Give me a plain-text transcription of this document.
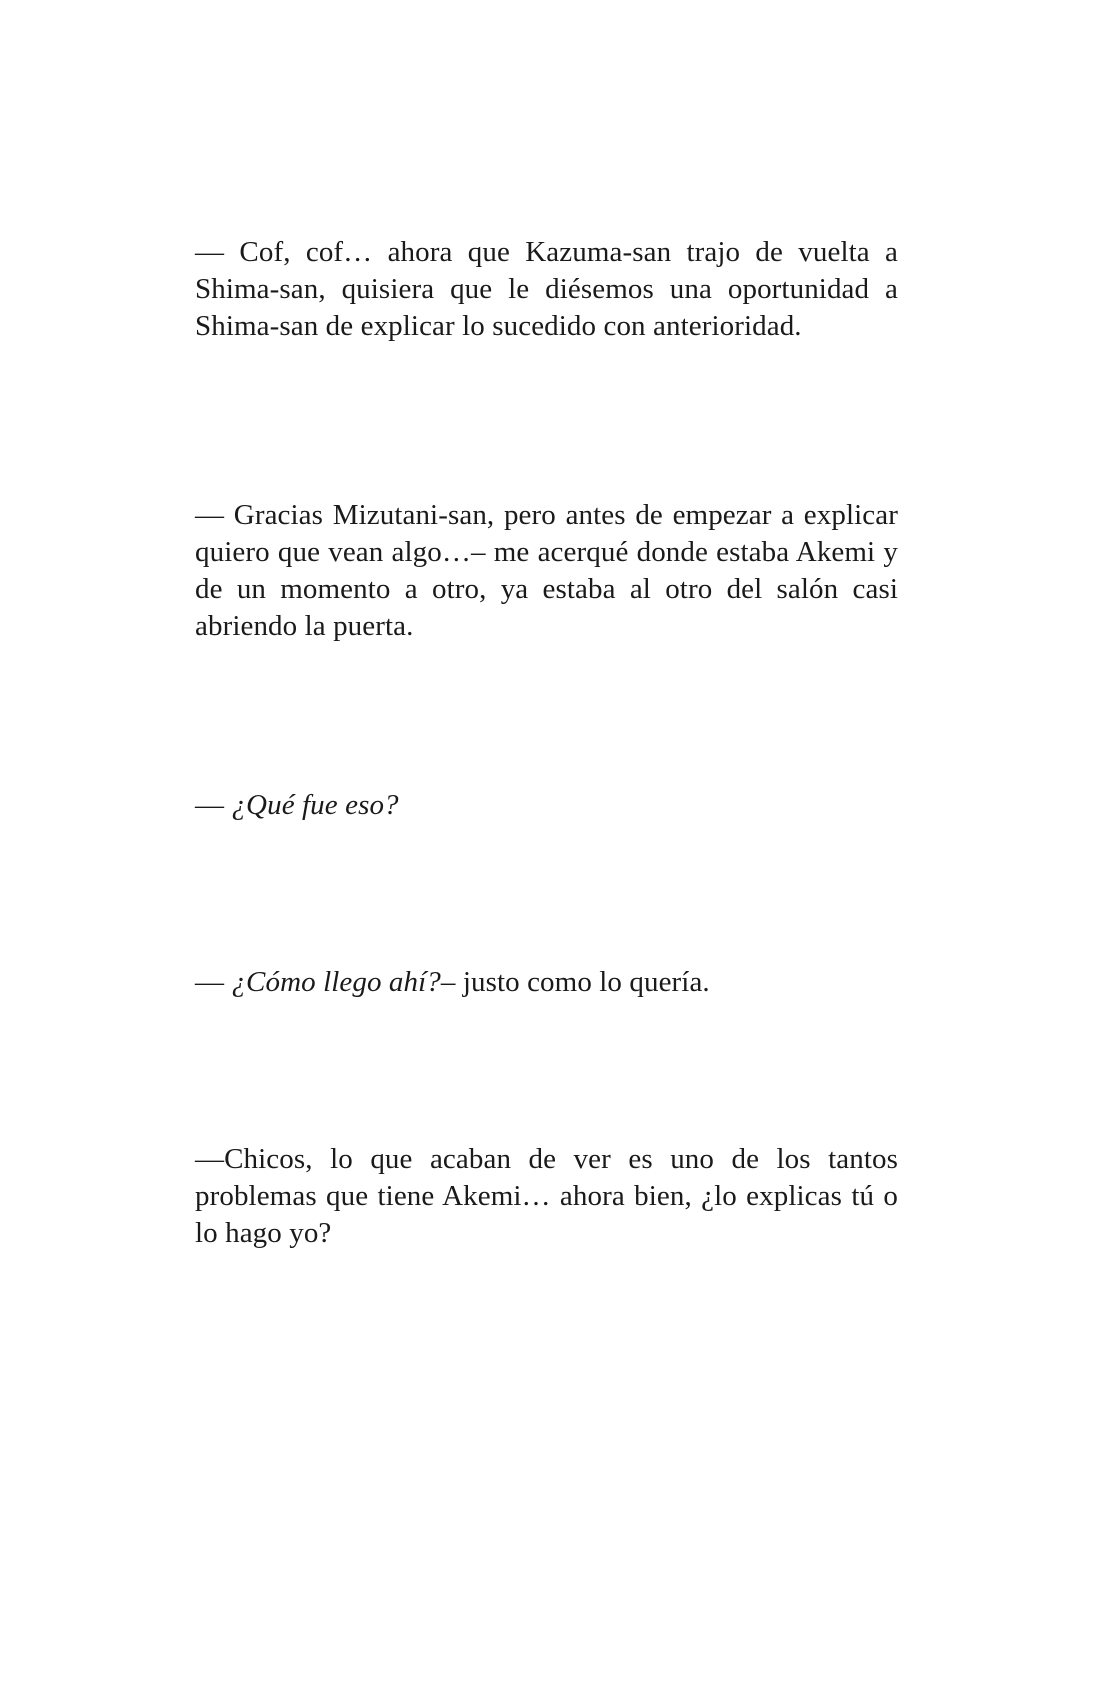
— Cof, cof… ahora que Kazuma-san trajo de vuelta a Shima-san, quisiera que le diésemos una oportunidad a Shima-san de explicar lo sucedido con anterioridad.

— Gracias Mizutani-san, pero antes de empezar a explicar quiero que vean algo…– me acerqué donde estaba Akemi y de un momento a otro, ya estaba al otro del salón casi abriendo la puerta.

— ¿Qué fue eso?

— ¿Cómo llego ahí?– justo como lo quería.

—Chicos, lo que acaban de ver es uno de los tantos problemas que tiene Akemi… ahora bien, ¿lo explicas tú o lo hago yo?
